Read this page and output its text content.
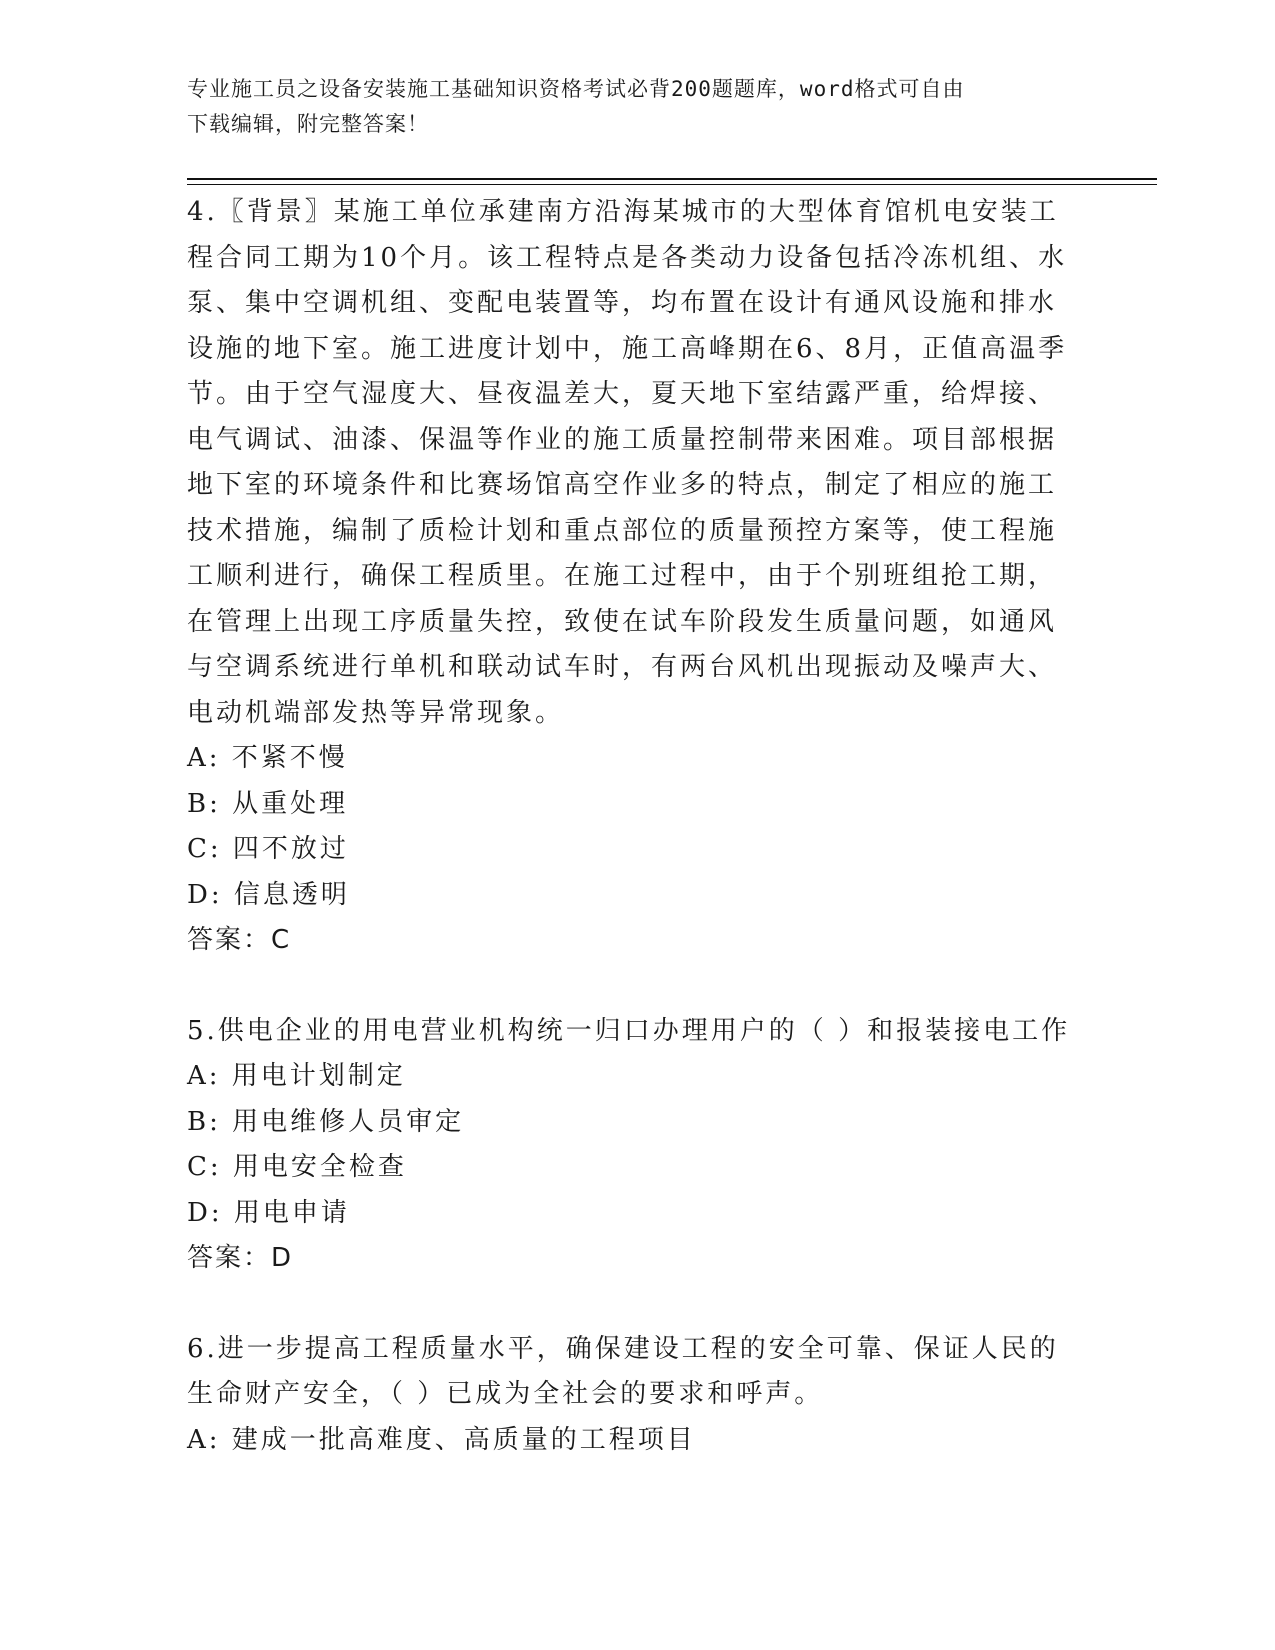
专业施工员之设备安装施工基础知识资格考试必背200题题库，word格式可自由
下载编辑，附完整答案！
4.〖背景〗某施工单位承建南方沿海某城市的大型体育馆机电安装工
程合同工期为10个月。该工程特点是各类动力设备包括冷冻机组、水
泵、集中空调机组、变配电装置等，均布置在设计有通风设施和排水
设施的地下室。施工进度计划中，施工高峰期在6、8月，正值高温季
节。由于空气湿度大、昼夜温差大，夏天地下室结露严重，给焊接、
电气调试、油漆、保温等作业的施工质量控制带来困难。项目部根据
地下室的环境条件和比赛场馆高空作业多的特点，制定了相应的施工
技术措施，编制了质检计划和重点部位的质量预控方案等，使工程施
工顺利进行，确保工程质里。在施工过程中，由于个别班组抢工期，
在管理上出现工序质量失控，致使在试车阶段发生质量问题，如通风
与空调系统进行单机和联动试车时，有两台风机出现振动及噪声大、
电动机端部发热等异常现象。
A: 不紧不慢
B: 从重处理
C: 四不放过
D: 信息透明
答案：C
5.供电企业的用电营业机构统一归口办理用户的（ ）和报装接电工作
A: 用电计划制定
B: 用电维修人员审定
C: 用电安全检查
D: 用电申请
答案：D
6.进一步提高工程质量水平，确保建设工程的安全可靠、保证人民的
生命财产安全，（ ）已成为全社会的要求和呼声。
A: 建成一批高难度、高质量的工程项目
